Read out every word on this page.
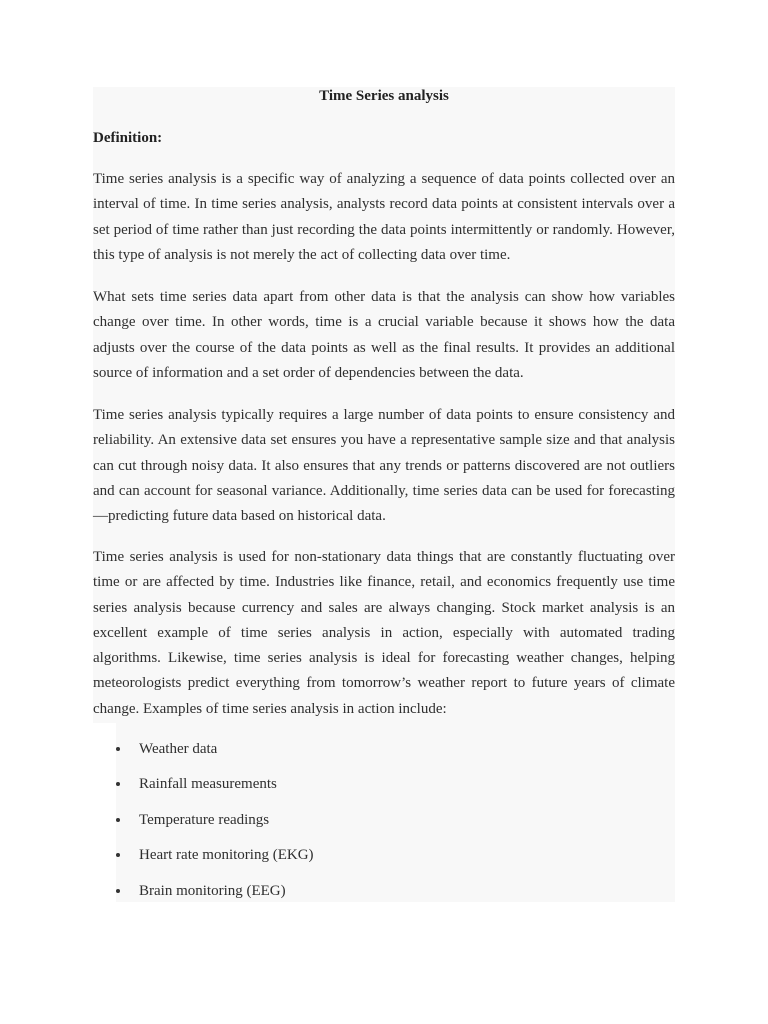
Time Series analysis
Definition:

Time series analysis is a specific way of analyzing a sequence of data points collected over an interval of time. In time series analysis, analysts record data points at consistent intervals over a set period of time rather than just recording the data points intermittently or randomly. However, this type of analysis is not merely the act of collecting data over time.

What sets time series data apart from other data is that the analysis can show how variables change over time. In other words, time is a crucial variable because it shows how the data adjusts over the course of the data points as well as the final results. It provides an additional source of information and a set order of dependencies between the data.

Time series analysis typically requires a large number of data points to ensure consistency and reliability. An extensive data set ensures you have a representative sample size and that analysis can cut through noisy data. It also ensures that any trends or patterns discovered are not outliers and can account for seasonal variance. Additionally, time series data can be used for forecasting—predicting future data based on historical data.

Time series analysis is used for non-stationary data things that are constantly fluctuating over time or are affected by time. Industries like finance, retail, and economics frequently use time series analysis because currency and sales are always changing. Stock market analysis is an excellent example of time series analysis in action, especially with automated trading algorithms. Likewise, time series analysis is ideal for forecasting weather changes, helping meteorologists predict everything from tomorrow’s weather report to future years of climate change. Examples of time series analysis in action include:

Weather data
Rainfall measurements
Temperature readings
Heart rate monitoring (EKG)
Brain monitoring (EEG)
